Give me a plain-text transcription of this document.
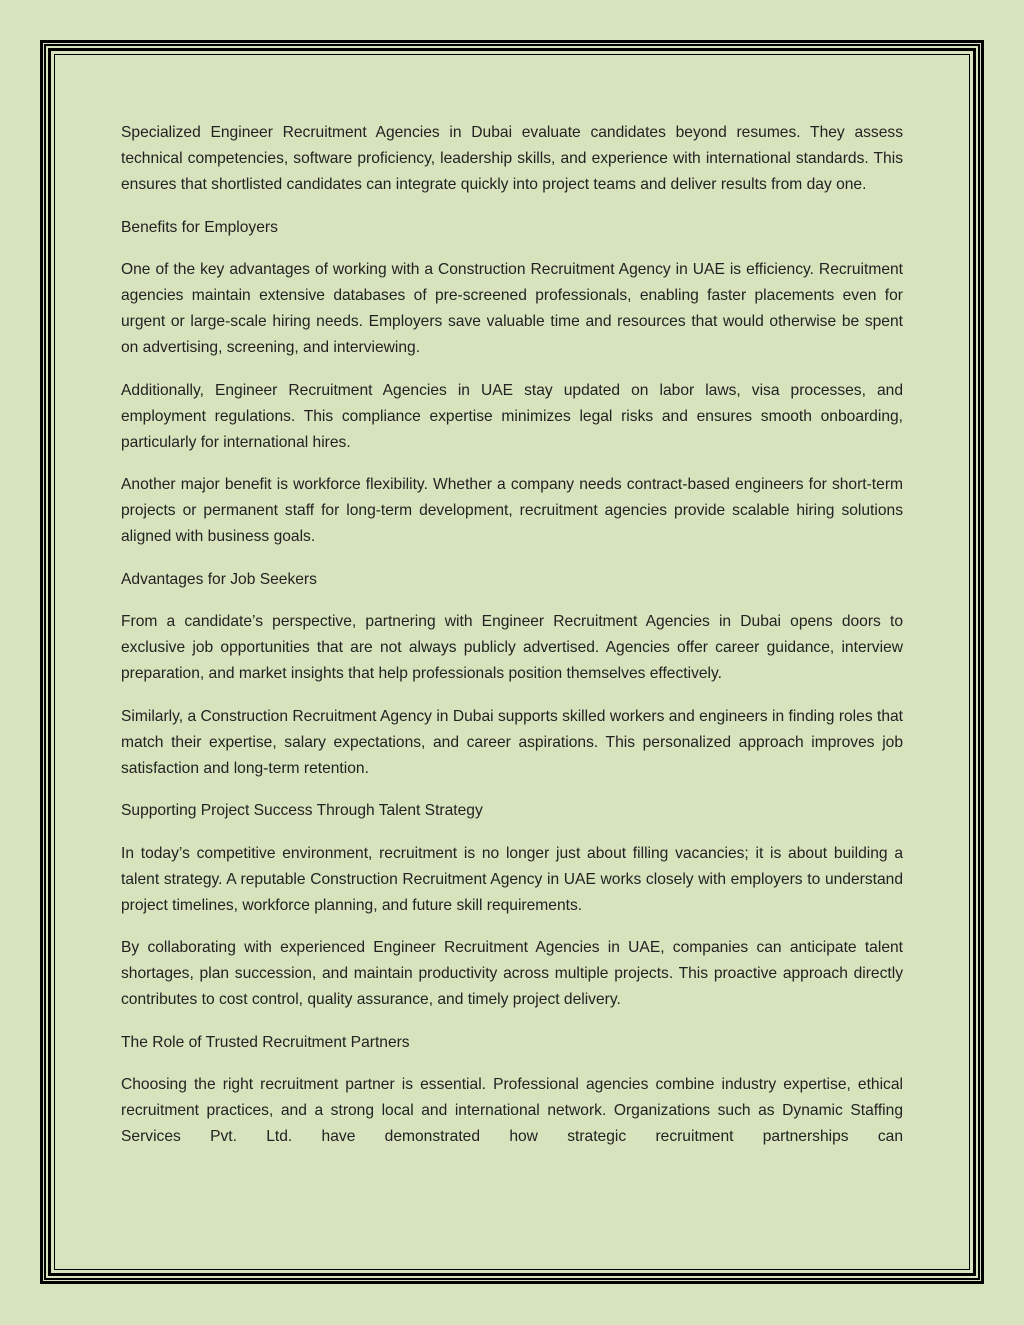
Specialized Engineer Recruitment Agencies in Dubai evaluate candidates beyond resumes. They assess technical competencies, software proficiency, leadership skills, and experience with international standards. This ensures that shortlisted candidates can integrate quickly into project teams and deliver results from day one.

Benefits for Employers

One of the key advantages of working with a Construction Recruitment Agency in UAE is efficiency. Recruitment agencies maintain extensive databases of pre-screened professionals, enabling faster placements even for urgent or large-scale hiring needs. Employers save valuable time and resources that would otherwise be spent on advertising, screening, and interviewing.

Additionally, Engineer Recruitment Agencies in UAE stay updated on labor laws, visa processes, and employment regulations. This compliance expertise minimizes legal risks and ensures smooth onboarding, particularly for international hires.

Another major benefit is workforce flexibility. Whether a company needs contract-based engineers for short-term projects or permanent staff for long-term development, recruitment agencies provide scalable hiring solutions aligned with business goals.

Advantages for Job Seekers

From a candidate’s perspective, partnering with Engineer Recruitment Agencies in Dubai opens doors to exclusive job opportunities that are not always publicly advertised. Agencies offer career guidance, interview preparation, and market insights that help professionals position themselves effectively.

Similarly, a Construction Recruitment Agency in Dubai supports skilled workers and engineers in finding roles that match their expertise, salary expectations, and career aspirations. This personalized approach improves job satisfaction and long-term retention.

Supporting Project Success Through Talent Strategy

In today’s competitive environment, recruitment is no longer just about filling vacancies; it is about building a talent strategy. A reputable Construction Recruitment Agency in UAE works closely with employers to understand project timelines, workforce planning, and future skill requirements.

By collaborating with experienced Engineer Recruitment Agencies in UAE, companies can anticipate talent shortages, plan succession, and maintain productivity across multiple projects. This proactive approach directly contributes to cost control, quality assurance, and timely project delivery.

The Role of Trusted Recruitment Partners

Choosing the right recruitment partner is essential. Professional agencies combine industry expertise, ethical recruitment practices, and a strong local and international network. Organizations such as Dynamic Staffing Services Pvt. Ltd. have demonstrated how strategic recruitment partnerships can
